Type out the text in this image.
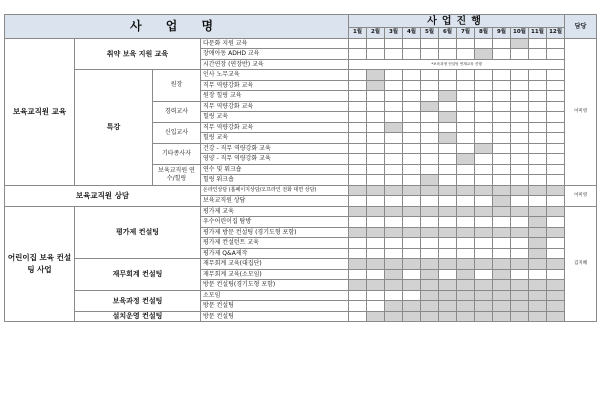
사 업 명				사업진행												담당
				1월	2월	3월	4월	5월	6월	7월	8월	9월	10월	11월	12월	
보육교직원 교육	취약 보육 지원 교육		다문화 지원 교육													이미영
			장애아동 ADHD 교육													
			시간연장 (연장반) 교육	*보육과정 컨설팅 연계교육 진행												
	특강	원장	인사 노무교육													
			직무 역량강화 교육													
			원장 힐링 교육													
		경력교사	직무 역량강화 교육													
			힐링 교육													
		신입교사	직무 역량강화 교육													
			힐링 교육													
		기타종사자	건강 - 직무 역량강화 교육													
			영양 - 직무 역량강화 교육													
		보육교직원 연수/힐링	연수 및 워크숍													
			힐링 워크숍													
보육교직원 상담			온라인상담 (홈페이지상담/오프라인 전화 대면 상담)													이미영
			보육교직원 상담													
어린이집 보육 컨설팅 사업	평가제 컨설팅		평가제 교육													김지혜
			우수어린이집 탐방													
			평가제 방문 컨설팅 (경기도형 포함)													
			평가제 컨설턴트 교육													
			평가제 Q&A제작													
	재무회계 컨설팅		재무회계 교육(대집단)													
			재무회계 교육(소모임)													
			방문 컨설팅(경기도형 포함)													
	보육과정 컨설팅		소모임													
			방문 컨설팅													
	설치운영 컨설팅		방문 컨설팅													
